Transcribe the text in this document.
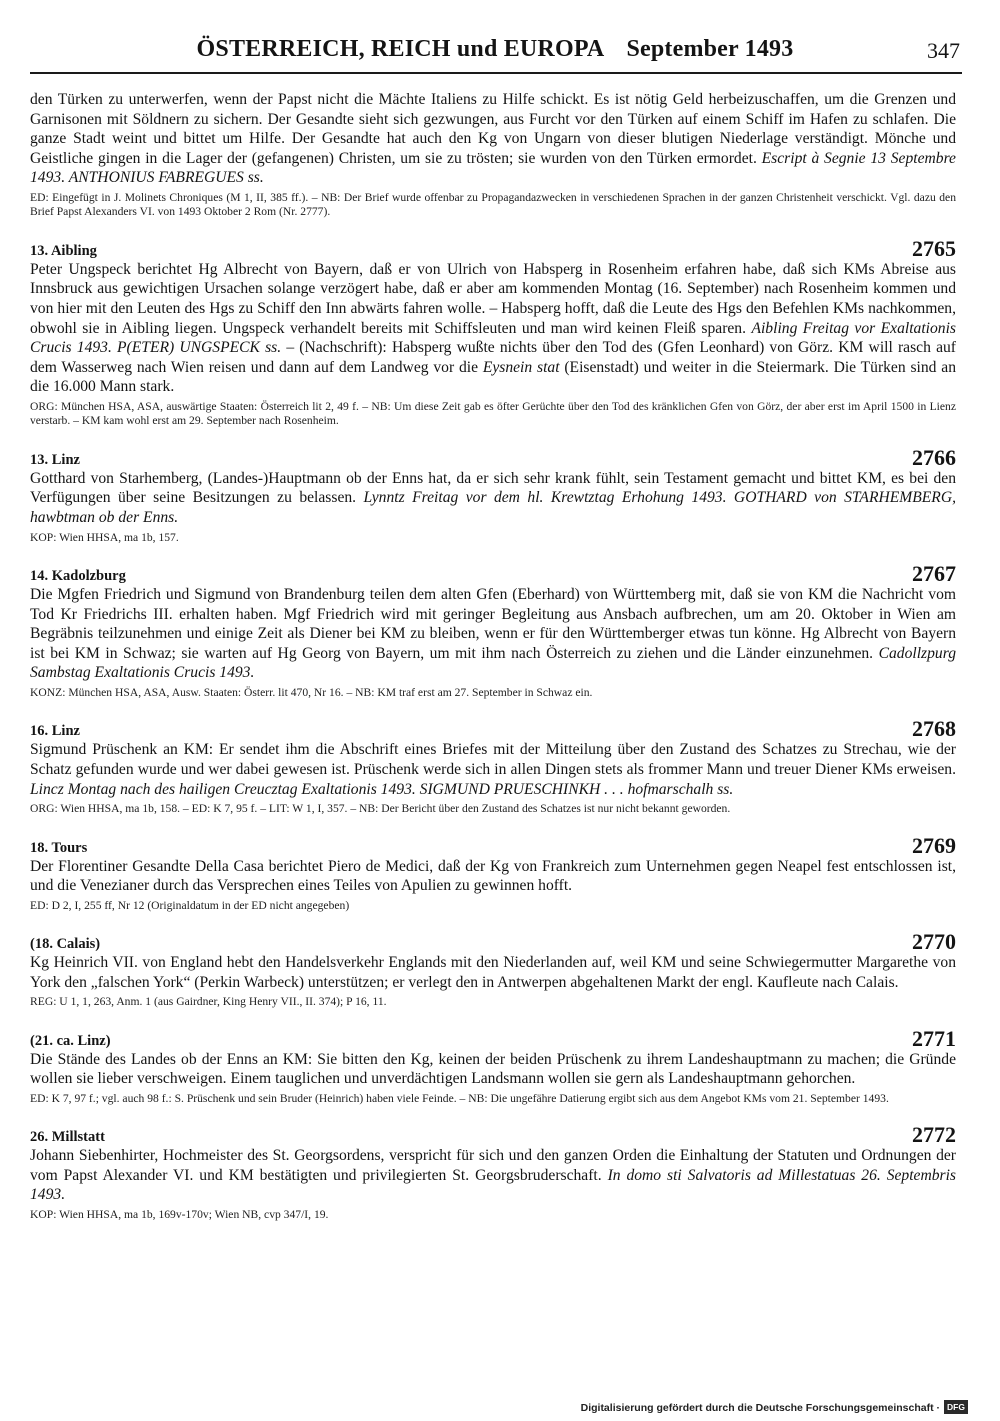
ÖSTERREICH, REICH und EUROPA September 1493	347

den Türken zu unterwerfen, wenn der Papst nicht die Mächte Italiens zu Hilfe schickt. Es ist nötig Geld herbeizuschaffen, um die Grenzen und Garnisonen mit Söldnern zu sichern. Der Gesandte sieht sich gezwungen, aus Furcht vor den Türken auf einem Schiff im Hafen zu schlafen. Die ganze Stadt weint und bittet um Hilfe. Der Gesandte hat auch den Kg von Ungarn von dieser blutigen Niederlage verständigt. Mönche und Geistliche gingen in die Lager der (gefangenen) Christen, um sie zu trösten; sie wurden von den Türken ermordet. Escript à Segnie 13 Septembre 1493. ANTHONIUS FABREGUES ss.

ED: Eingefügt in J. Molinets Chroniques (M 1, II, 385 ff.). – NB: Der Brief wurde offenbar zu Propagandazwecken in verschiedenen Sprachen in der ganzen Christenheit verschickt. Vgl. dazu den Brief Papst Alexanders VI. von 1493 Oktober 2 Rom (Nr. 2777).

13. Aibling	2765

Peter Ungspeck berichtet Hg Albrecht von Bayern, daß er von Ulrich von Habsperg in Rosenheim erfahren habe, daß sich KMs Abreise aus Innsbruck aus gewichtigen Ursachen solange verzögert habe, daß er aber am kommenden Montag (16. September) nach Rosenheim kommen und von hier mit den Leuten des Hgs zu Schiff den Inn abwärts fahren wolle. – Habsperg hofft, daß die Leute des Hgs den Befehlen KMs nachkommen, obwohl sie in Aibling liegen. Ungspeck verhandelt bereits mit Schiffsleuten und man wird keinen Fleiß sparen. Aibling Freitag vor Exaltationis Crucis 1493. P(ETER) UNGSPECK ss. – (Nachschrift): Habsperg wußte nichts über den Tod des (Gfen Leonhard) von Görz. KM will rasch auf dem Wasserweg nach Wien reisen und dann auf dem Landweg vor die Eysnein stat (Eisenstadt) und weiter in die Steiermark. Die Türken sind an die 16.000 Mann stark.

ORG: München HSA, ASA, auswärtige Staaten: Österreich lit 2, 49 f. – NB: Um diese Zeit gab es öfter Gerüchte über den Tod des kränklichen Gfen von Görz, der aber erst im April 1500 in Lienz verstarb. – KM kam wohl erst am 29. September nach Rosenheim.

13. Linz	2766

Gotthard von Starhemberg, (Landes-)Hauptmann ob der Enns hat, da er sich sehr krank fühlt, sein Testament gemacht und bittet KM, es bei den Verfügungen über seine Besitzungen zu belassen. Lynntz Freitag vor dem hl. Krewtztag Erhohung 1493. GOTHARD von STARHEMBERG, hawbtman ob der Enns.

KOP: Wien HHSA, ma 1b, 157.

14. Kadolzburg	2767

Die Mgfen Friedrich und Sigmund von Brandenburg teilen dem alten Gfen (Eberhard) von Württemberg mit, daß sie von KM die Nachricht vom Tod Kr Friedrichs III. erhalten haben. Mgf Friedrich wird mit geringer Begleitung aus Ansbach aufbrechen, um am 20. Oktober in Wien am Begräbnis teilzunehmen und einige Zeit als Diener bei KM zu bleiben, wenn er für den Württemberger etwas tun könne. Hg Albrecht von Bayern ist bei KM in Schwaz; sie warten auf Hg Georg von Bayern, um mit ihm nach Österreich zu ziehen und die Länder einzunehmen. Cadollzpurg Sambstag Exaltationis Crucis 1493.

KONZ: München HSA, ASA, Ausw. Staaten: Österr. lit 470, Nr 16. – NB: KM traf erst am 27. September in Schwaz ein.

16. Linz	2768

Sigmund Prüschenk an KM: Er sendet ihm die Abschrift eines Briefes mit der Mitteilung über den Zustand des Schatzes zu Strechau, wie der Schatz gefunden wurde und wer dabei gewesen ist. Prüschenk werde sich in allen Dingen stets als frommer Mann und treuer Diener KMs erweisen. Lincz Montag nach des hailigen Creucztag Exaltationis 1493. SIGMUND PRUESCHINKH . . . hofmarschalh ss.

ORG: Wien HHSA, ma 1b, 158. – ED: K 7, 95 f. – LIT: W 1, I, 357. – NB: Der Bericht über den Zustand des Schatzes ist nur nicht bekannt geworden.

18. Tours	2769

Der Florentiner Gesandte Della Casa berichtet Piero de Medici, daß der Kg von Frankreich zum Unternehmen gegen Neapel fest entschlossen ist, und die Venezianer durch das Versprechen eines Teiles von Apulien zu gewinnen hofft.

ED: D 2, I, 255 ff, Nr 12 (Originaldatum in der ED nicht angegeben)

(18. Calais)	2770

Kg Heinrich VII. von England hebt den Handelsverkehr Englands mit den Niederlanden auf, weil KM und seine Schwiegermutter Margarethe von York den „falschen York“ (Perkin Warbeck) unterstützen; er verlegt den in Antwerpen abgehaltenen Markt der engl. Kaufleute nach Calais.

REG: U 1, 1, 263, Anm. 1 (aus Gairdner, King Henry VII., II. 374); P 16, 11.

(21. ca. Linz)	2771

Die Stände des Landes ob der Enns an KM: Sie bitten den Kg, keinen der beiden Prüschenk zu ihrem Landeshauptmann zu machen; die Gründe wollen sie lieber verschweigen. Einem tauglichen und unverdächtigen Landsmann wollen sie gern als Landeshauptmann gehorchen.

ED: K 7, 97 f.; vgl. auch 98 f.: S. Prüschenk und sein Bruder (Heinrich) haben viele Feinde. – NB: Die ungefähre Datierung ergibt sich aus dem Angebot KMs vom 21. September 1493.

26. Millstatt	2772

Johann Siebenhirter, Hochmeister des St. Georgsordens, verspricht für sich und den ganzen Orden die Einhaltung der Statuten und Ordnungen der vom Papst Alexander VI. und KM bestätigten und privilegierten St. Georgsbruderschaft. In domo sti Salvatoris ad Millestatuas 26. Septembris 1493.

KOP: Wien HHSA, ma 1b, 169v-170v; Wien NB, cvp 347/I, 19.

Digitalisierung gefördert durch die Deutsche Forschungsgemeinschaft · DFG
